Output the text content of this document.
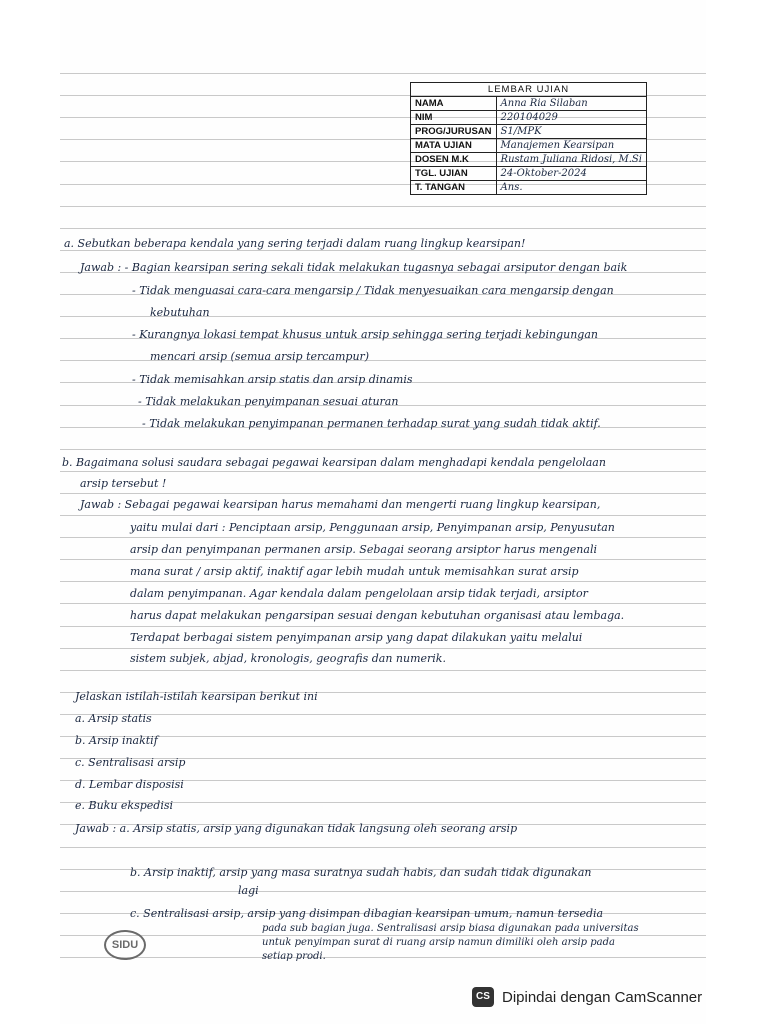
LEMBAR UJIAN	
NAMA	Anna Ria Silaban
NIM	220104029
PROG/JURUSAN	S1/MPK
MATA UJIAN	Manajemen Kearsipan
DOSEN M.K	Rustam Juliana Ridosi, M.Si
TGL. UJIAN	24-Oktober-2024
T. TANGAN	Ans.
a. Sebutkan beberapa kendala yang sering terjadi dalam ruang lingkup kearsipan!
Jawab : - Bagian kearsipan sering sekali tidak melakukan tugasnya sebagai arsiputor dengan baik
- Tidak menguasai cara-cara mengarsip / Tidak menyesuaikan cara mengarsip dengan
kebutuhan
- Kurangnya lokasi tempat khusus untuk arsip sehingga sering terjadi kebingungan
mencari arsip (semua arsip tercampur)
- Tidak memisahkan arsip statis dan arsip dinamis
- Tidak melakukan penyimpanan sesuai aturan
- Tidak melakukan penyimpanan permanen terhadap surat yang sudah tidak aktif.
b. Bagaimana solusi saudara sebagai pegawai kearsipan dalam menghadapi kendala pengelolaan
arsip tersebut !
Jawab : Sebagai pegawai kearsipan harus memahami dan mengerti ruang lingkup kearsipan,
yaitu mulai dari : Penciptaan arsip, Penggunaan arsip, Penyimpanan arsip, Penyusutan
arsip dan penyimpanan permanen arsip. Sebagai seorang arsiptor harus mengenali
mana surat / arsip aktif, inaktif agar lebih mudah untuk memisahkan surat arsip
dalam penyimpanan. Agar kendala dalam pengelolaan arsip tidak terjadi, arsiptor
harus dapat melakukan pengarsipan sesuai dengan kebutuhan organisasi atau lembaga.
Terdapat berbagai sistem penyimpanan arsip yang dapat dilakukan yaitu melalui
sistem subjek, abjad, kronologis, geografis dan numerik.
Jelaskan istilah-istilah kearsipan berikut ini
a. Arsip statis
b. Arsip inaktif
c. Sentralisasi arsip
d. Lembar disposisi
e. Buku ekspedisi
Jawab : a. Arsip statis, arsip yang digunakan tidak langsung oleh seorang arsip
b. Arsip inaktif, arsip yang masa suratnya sudah habis, dan sudah tidak digunakan
lagi
c. Sentralisasi arsip, arsip yang disimpan dibagian kearsipan umum, namun tersedia
pada sub bagian juga. Sentralisasi arsip biasa digunakan pada universitas
untuk penyimpan surat di ruang arsip namun dimiliki oleh arsip pada
setiap prodi.
SIDU
CS Dipindai dengan CamScanner
